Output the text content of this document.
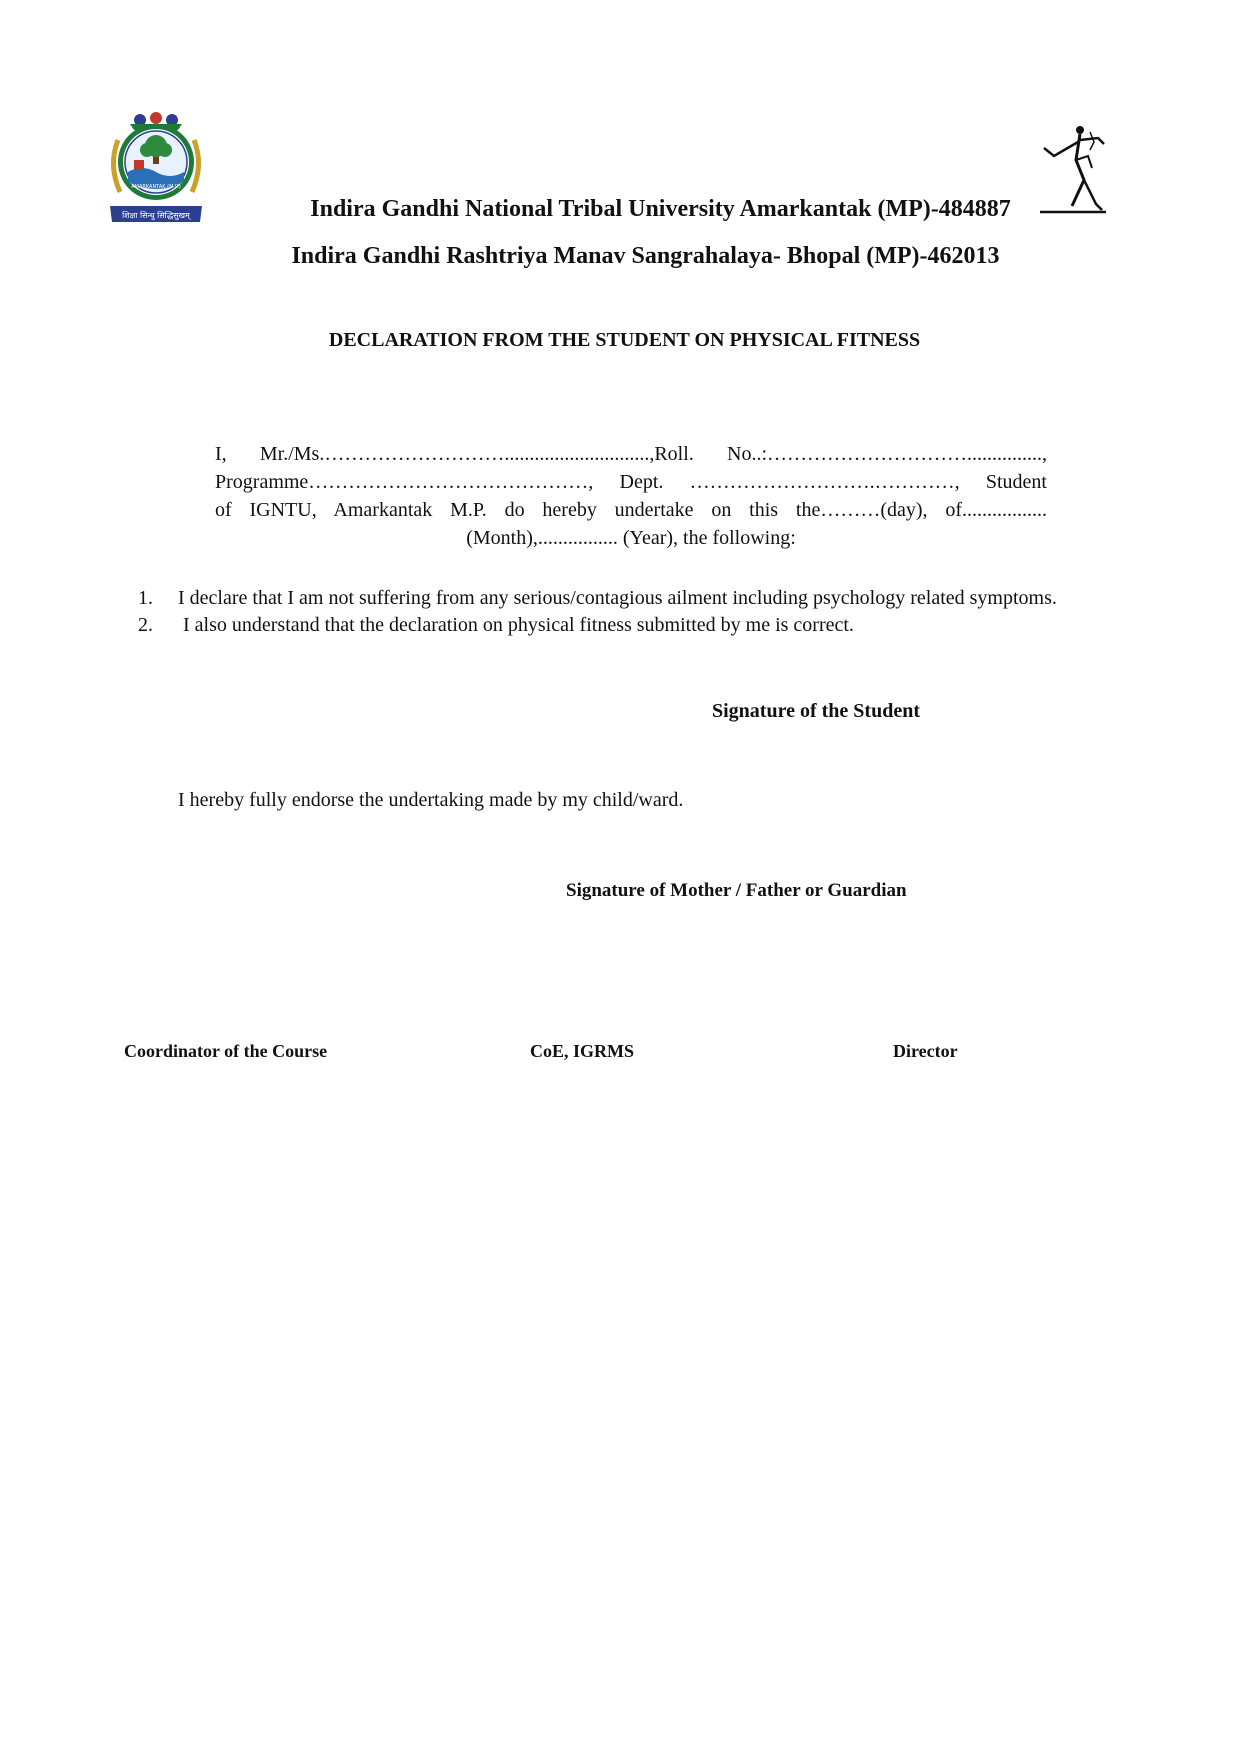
AMARKANTAK (M.P.)
शिक्षा सिन्धु सिद्धिसुखम्	Indira Gandhi National Tribal University Amarkantak (MP)-484887
Indira Gandhi Rashtriya Manav Sangrahalaya- Bhopal (MP)-462013
DECLARATION FROM THE STUDENT ON PHYSICAL FITNESS
I, Mr./Ms.……………………….............................,Roll. No..:…………………………...............,
Programme……………………………………, Dept. ……………………….…………, Student
of IGNTU, Amarkantak M.P. do hereby undertake on this the………(day), of.................
(Month),................ (Year), the following:
1. I declare that I am not suffering from any serious/contagious ailment including psychology related symptoms.
2. I also understand that the declaration on physical fitness submitted by me is correct.
Signature of the Student
I hereby fully endorse the undertaking made by my child/ward.
Signature of Mother / Father or Guardian
Coordinator of the Course	CoE, IGRMS	Director
